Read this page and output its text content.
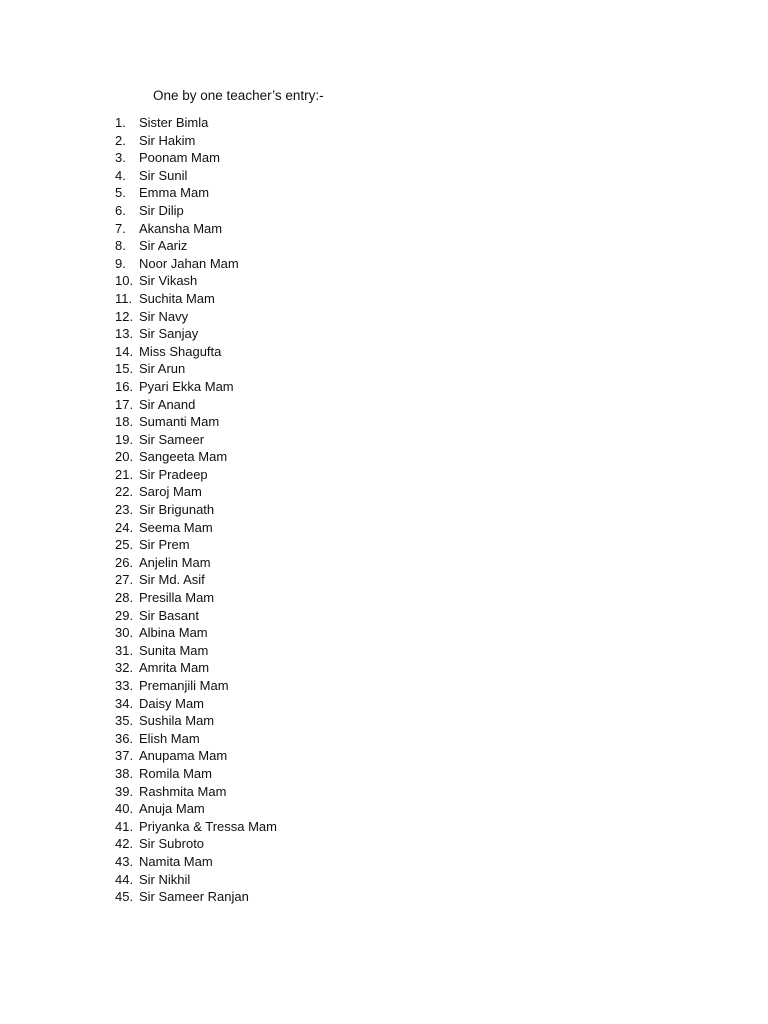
One by one teacher’s entry:-
1. Sister Bimla
2. Sir Hakim
3. Poonam Mam
4. Sir Sunil
5. Emma Mam
6. Sir Dilip
7. Akansha Mam
8. Sir Aariz
9. Noor Jahan Mam
10. Sir Vikash
11. Suchita Mam
12. Sir Navy
13. Sir Sanjay
14. Miss Shagufta
15. Sir Arun
16. Pyari Ekka Mam
17. Sir Anand
18. Sumanti Mam
19. Sir Sameer
20. Sangeeta Mam
21. Sir Pradeep
22. Saroj Mam
23. Sir Brigunath
24. Seema Mam
25. Sir Prem
26. Anjelin Mam
27. Sir Md. Asif
28. Presilla Mam
29. Sir Basant
30. Albina Mam
31. Sunita Mam
32. Amrita Mam
33. Premanjili Mam
34. Daisy Mam
35. Sushila Mam
36. Elish Mam
37. Anupama Mam
38. Romila Mam
39. Rashmita Mam
40. Anuja Mam
41. Priyanka & Tressa Mam
42. Sir Subroto
43. Namita Mam
44. Sir Nikhil
45. Sir Sameer Ranjan
